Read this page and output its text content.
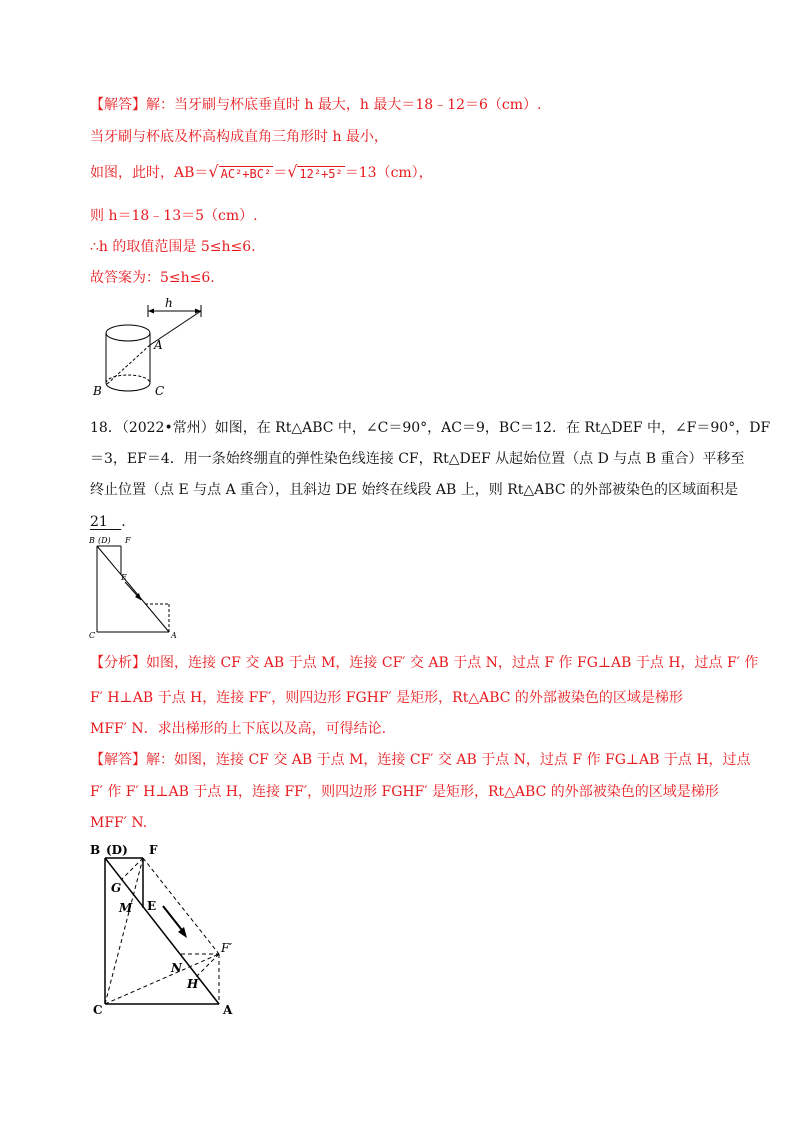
【解答】解：当牙刷与杯底垂直时 h 最大，h 最大＝18﹣12＝6（cm）.
当牙刷与杯底及杯高构成直角三角形时 h 最小，
如图，此时，AB＝√ AC²+BC² ＝√ 12²+5² ＝13（cm），
则 h＝18﹣13＝5（cm）.
∴h 的取值范围是 5≤h≤6.
故答案为：5≤h≤6.
h
A
B	C
18．（2022•常州）如图，在 Rt△ABC 中，∠C＝90°，AC＝9，BC＝12．在 Rt△DEF 中，∠F＝90°，DF
＝3，EF＝4．用一条始终绷直的弹性染色线连接 CF，Rt△DEF 从起始位置（点 D 与点 B 重合）平移至
终止位置（点 E 与点 A 重合），且斜边 DE 始终在线段 AB 上，则 Rt△ABC 的外部被染色的区域面积是
21 .
B (D) F
E
C	A
【分析】如图，连接 CF 交 AB 于点 M，连接 CF′ 交 AB 于点 N，过点 F 作 FG⊥AB 于点 H，过点 F′ 作
F′ H⊥AB 于点 H，连接 FF′，则四边形 FGHF′ 是矩形，Rt△ABC 的外部被染色的区域是梯形
MFF′ N．求出梯形的上下底以及高，可得结论.
【解答】解：如图，连接 CF 交 AB 于点 M，连接 CF′ 交 AB 于点 N，过点 F 作 FG⊥AB 于点 H，过点
F′ 作 F′ H⊥AB 于点 H，连接 FF′，则四边形 FGHF′ 是矩形，Rt△ABC 的外部被染色的区域是梯形
MFF′ N.
B (D) F
G
M E
F′
N
H
C	A
